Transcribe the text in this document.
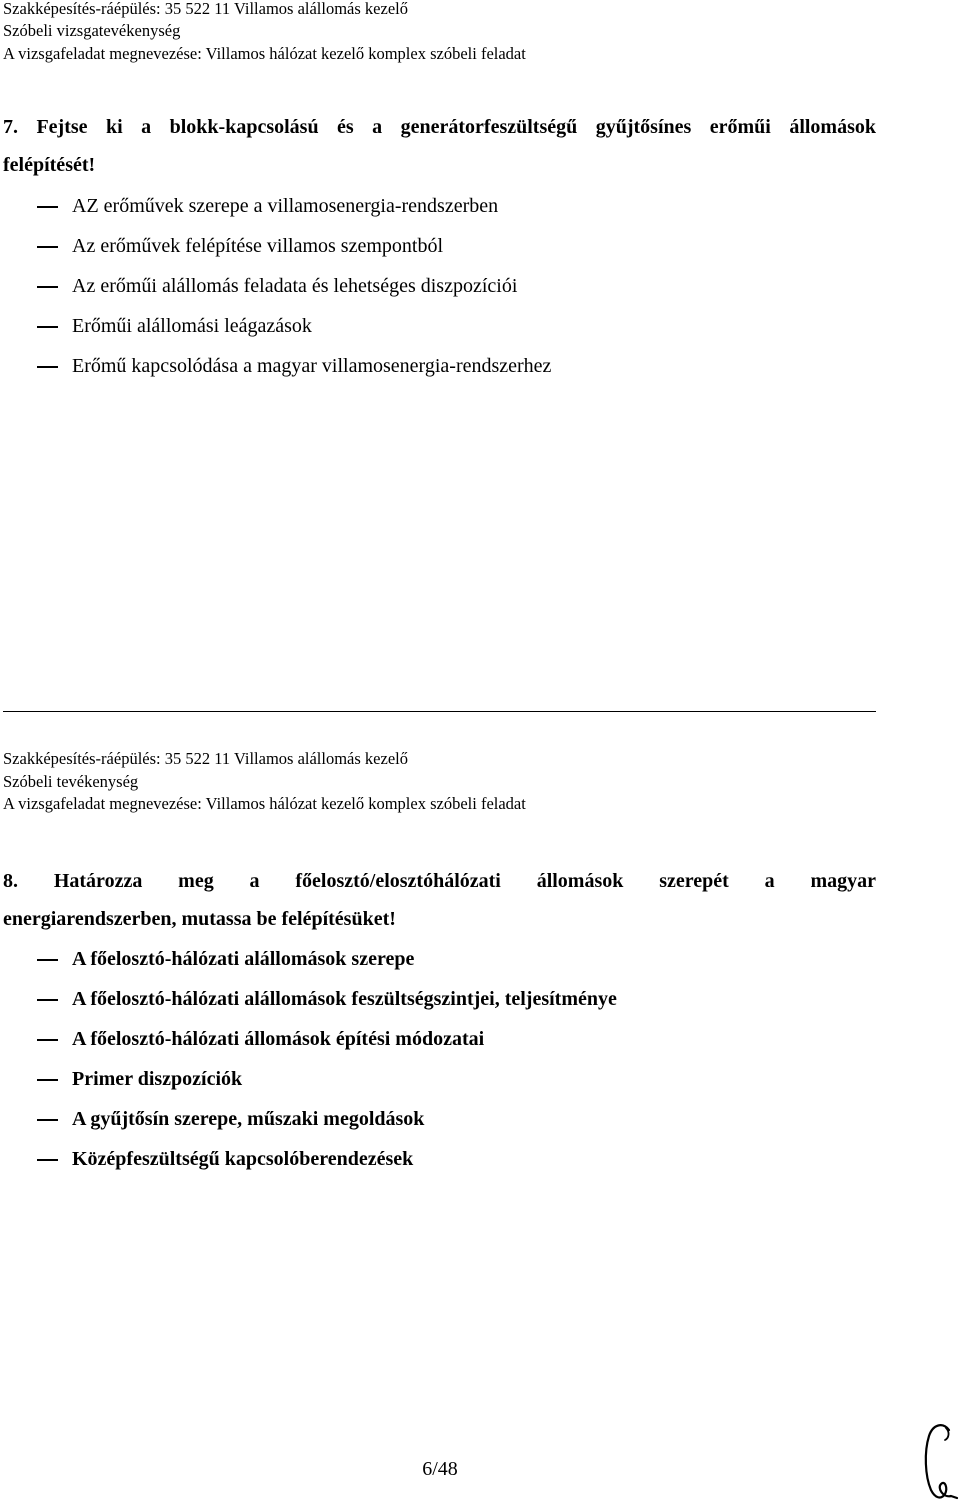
Szakképesítés-ráépülés: 35 522 11 Villamos alállomás kezelő
Szóbeli vizsgatevékenység
A vizsgafeladat megnevezése: Villamos hálózat kezelő komplex szóbeli feladat
7. Fejtse ki a blokk-kapcsolású és a generátorfeszültségű gyűjtősínes erőműi állomások
felépítését!
AZ erőművek szerepe a villamosenergia-rendszerben
Az erőművek felépítése villamos szempontból
Az erőműi alállomás feladata és lehetséges diszpozíciói
Erőműi alállomási leágazások
Erőmű kapcsolódása a magyar villamosenergia-rendszerhez
Szakképesítés-ráépülés: 35 522 11 Villamos alállomás kezelő
Szóbeli tevékenység
A vizsgafeladat megnevezése: Villamos hálózat kezelő komplex szóbeli feladat
8. Határozza meg a főelosztó/elosztóhálózati állomások szerepét a magyar
energiarendszerben, mutassa be felépítésüket!
A főelosztó-hálózati alállomások szerepe
A főelosztó-hálózati alállomások feszültségszintjei, teljesítménye
A főelosztó-hálózati állomások építési módozatai
Primer diszpozíciók
A gyűjtősín szerepe, műszaki megoldások
Középfeszültségű kapcsolóberendezések
6/48
